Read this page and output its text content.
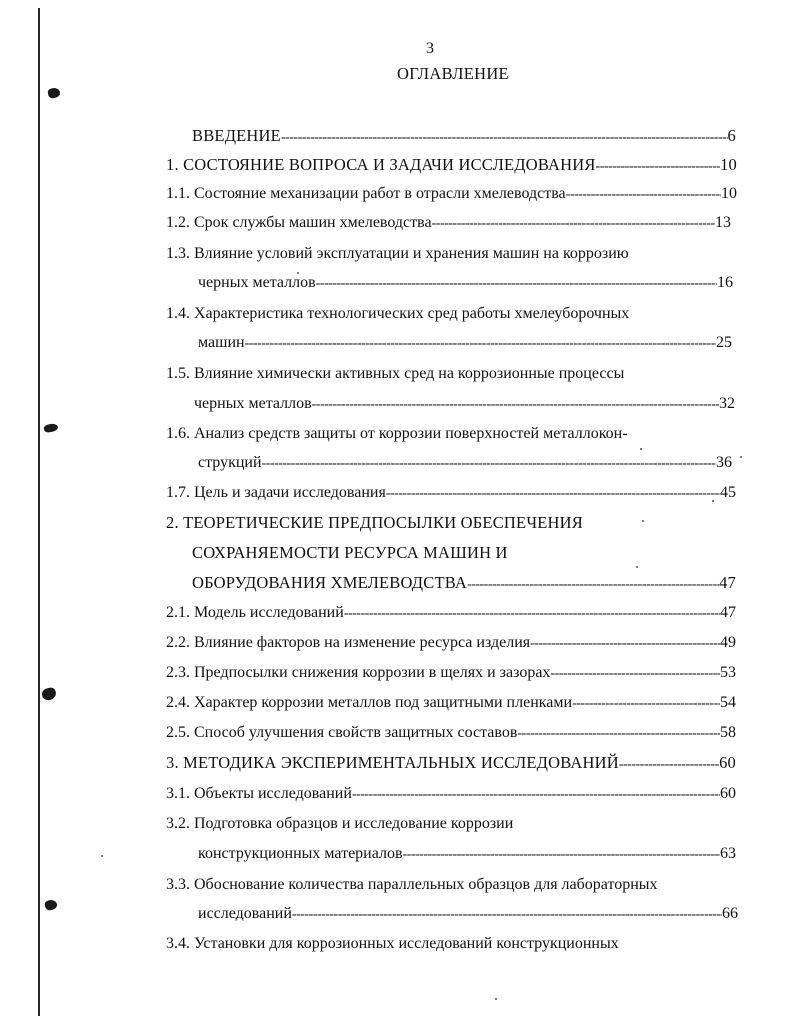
3
ОГЛАВЛЕНИЕ
ВВЕДЕНИЕ -----	6
1. СОСТОЯНИЕ ВОПРОСА И ЗАДАЧИ ИССЛЕДОВАНИЯ -----	10
1.1. Состояние механизации работ в отрасли хмелеводства -----	10
1.2. Срок службы машин хмелеводства -----	13
1.3. Влияние условий эксплуатации и хранения машин на коррозию
черных металлов -----	16
1.4. Характеристика технологических сред работы хмелеуборочных
машин -----	25
1.5. Влияние химически активных сред на коррозионные процессы
черных металлов -----	32
1.6. Анализ средств защиты от коррозии поверхностей металлокон-
струкций -----	36
1.7. Цель и задачи исследования -----	45
2. ТЕОРЕТИЧЕСКИЕ ПРЕДПОСЫЛКИ ОБЕСПЕЧЕНИЯ
СОХРАНЯЕМОСТИ РЕСУРСА МАШИН И
ОБОРУДОВАНИЯ ХМЕЛЕВОДСТВА -----	47
2.1. Модель исследований -----	47
2.2. Влияние факторов на изменение ресурса изделия -----	49
2.3. Предпосылки снижения коррозии в щелях и зазорах -----	53
2.4. Характер коррозии металлов под защитными пленками -----	54
2.5. Способ улучшения свойств защитных составов -----	58
3. МЕТОДИКА ЭКСПЕРИМЕНТАЛЬНЫХ ИССЛЕДОВАНИЙ -----	60
3.1. Объекты исследований -----	60
3.2. Подготовка образцов и исследование коррозии
конструкционных материалов -----	63
3.3. Обоснование количества параллельных образцов для лабораторных
исследований -----	66
3.4. Установки для коррозионных исследований конструкционных
